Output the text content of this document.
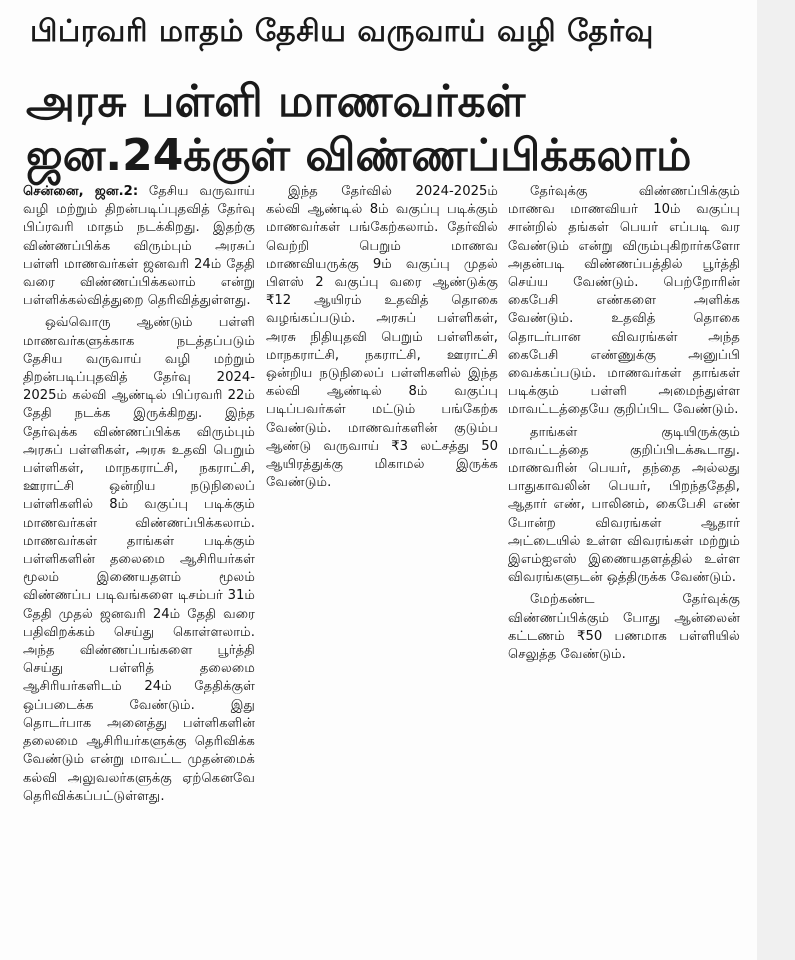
பிப்ரவரி மாதம் தேசிய வருவாய் வழி தேர்வு
அரசு பள்ளி மாணவர்கள்
ஜன.24க்குள் விண்ணப்பிக்கலாம்

சென்னை, ஜன.2: தேசிய வருவாய் வழி மற்றும் திறன்படிப்புதவித் தேர்வு பிப்ரவரி மாதம் நடக்கிறது. இதற்கு விண்ணப்பிக்க விரும்பும் அரசுப் பள்ளி மாணவர்கள் ஜனவரி 24ம் தேதி வரை விண்ணப்பிக்கலாம் என்று பள்ளிக்கல்வித்துறை தெரிவித்துள்ளது.

ஒவ்வொரு ஆண்டும் பள்ளி மாணவர்களுக்காக நடத்தப்படும் தேசிய வருவாய் வழி மற்றும் திறன்படிப்புதவித் தேர்வு 2024-2025ம் கல்வி ஆண்டில் பிப்ரவரி 22ம் தேதி நடக்க இருக்கிறது. இந்த தேர்வுக்க விண்ணப்பிக்க விரும்பும் அரசுப் பள்ளிகள், அரசு உதவி பெறும் பள்ளிகள், மாநகராட்சி, நகராட்சி, ஊராட்சி ஒன்றிய நடுநிலைப் பள்ளிகளில் 8ம் வகுப்பு படிக்கும் மாணவர்கள் விண்ணப்பிக்கலாம். மாணவர்கள் தாங்கள் படிக்கும் பள்ளிகளின் தலைமை ஆசிரியர்கள் மூலம் இணையதளம் மூலம் விண்ணப்ப படிவங்களை டிசம்பர் 31ம் தேதி முதல் ஜனவரி 24ம் தேதி வரை பதிவிறக்கம் செய்து கொள்ளலாம். அந்த விண்ணப்பங்களை பூர்த்தி செய்து பள்ளித் தலைமை ஆசிரியர்களிடம் 24ம் தேதிக்குள் ஒப்படைக்க வேண்டும். இது தொடர்பாக அனைத்து பள்ளிகளின் தலைமை ஆசிரியர்களுக்கு தெரிவிக்க வேண்டும் என்று மாவட்ட முதன்மைக் கல்வி அலுவலர்களுக்கு ஏற்கெனவே தெரிவிக்கப்பட்டுள்ளது.

இந்த தேர்வில் 2024-2025ம் கல்வி ஆண்டில் 8ம் வகுப்பு படிக்கும் மாணவர்கள் பங்கேற்கலாம். தேர்வில் வெற்றி பெறும் மாணவ மாணவியருக்கு 9ம் வகுப்பு முதல் பிளஸ் 2 வகுப்பு வரை ஆண்டுக்கு ₹12 ஆயிரம் உதவித் தொகை வழங்கப்படும். அரசுப் பள்ளிகள், அரசு நிதியுதவி பெறும் பள்ளிகள், மாநகராட்சி, நகராட்சி, ஊராட்சி ஒன்றிய நடுநிலைப் பள்ளிகளில் இந்த கல்வி ஆண்டில் 8ம் வகுப்பு படிப்பவர்கள் மட்டும் பங்கேற்க வேண்டும். மாணவர்களின் குடும்ப ஆண்டு வருவாய் ₹3 லட்சத்து 50 ஆயிரத்துக்கு மிகாமல் இருக்க வேண்டும்.

தேர்வுக்கு விண்ணப்பிக்கும் மாணவ மாணவியர் 10ம் வகுப்பு சான்றில் தங்கள் பெயர் எப்படி வர வேண்டும் என்று விரும்புகிறார்களோ அதன்படி விண்ணப்பத்தில் பூர்த்தி செய்ய வேண்டும். பெற்றோரின் கைபேசி எண்களை அளிக்க வேண்டும். உதவித் தொகை தொடர்பான விவரங்கள் அந்த கைபேசி எண்ணுக்கு அனுப்பி வைக்கப்படும். மாணவர்கள் தாங்கள் படிக்கும் பள்ளி அமைந்துள்ள மாவட்டத்தையே குறிப்பிட வேண்டும்.

தாங்கள் குடியிருக்கும் மாவட்டத்தை குறிப்பிடக்கூடாது. மாணவரின் பெயர், தந்தை அல்லது பாதுகாவலின் பெயர், பிறந்ததேதி, ஆதார் எண், பாலினம், கைபேசி எண் போன்ற விவரங்கள் ஆதார் அட்டையில் உள்ள விவரங்கள் மற்றும் இஎம்ஐஎஸ் இணையதளத்தில் உள்ள விவரங்களுடன் ஒத்திருக்க வேண்டும்.

மேற்கண்ட தேர்வுக்கு விண்ணப்பிக்கும் போது ஆன்லைன் கட்டணம் ₹50 பணமாக பள்ளியில் செலுத்த வேண்டும்.
